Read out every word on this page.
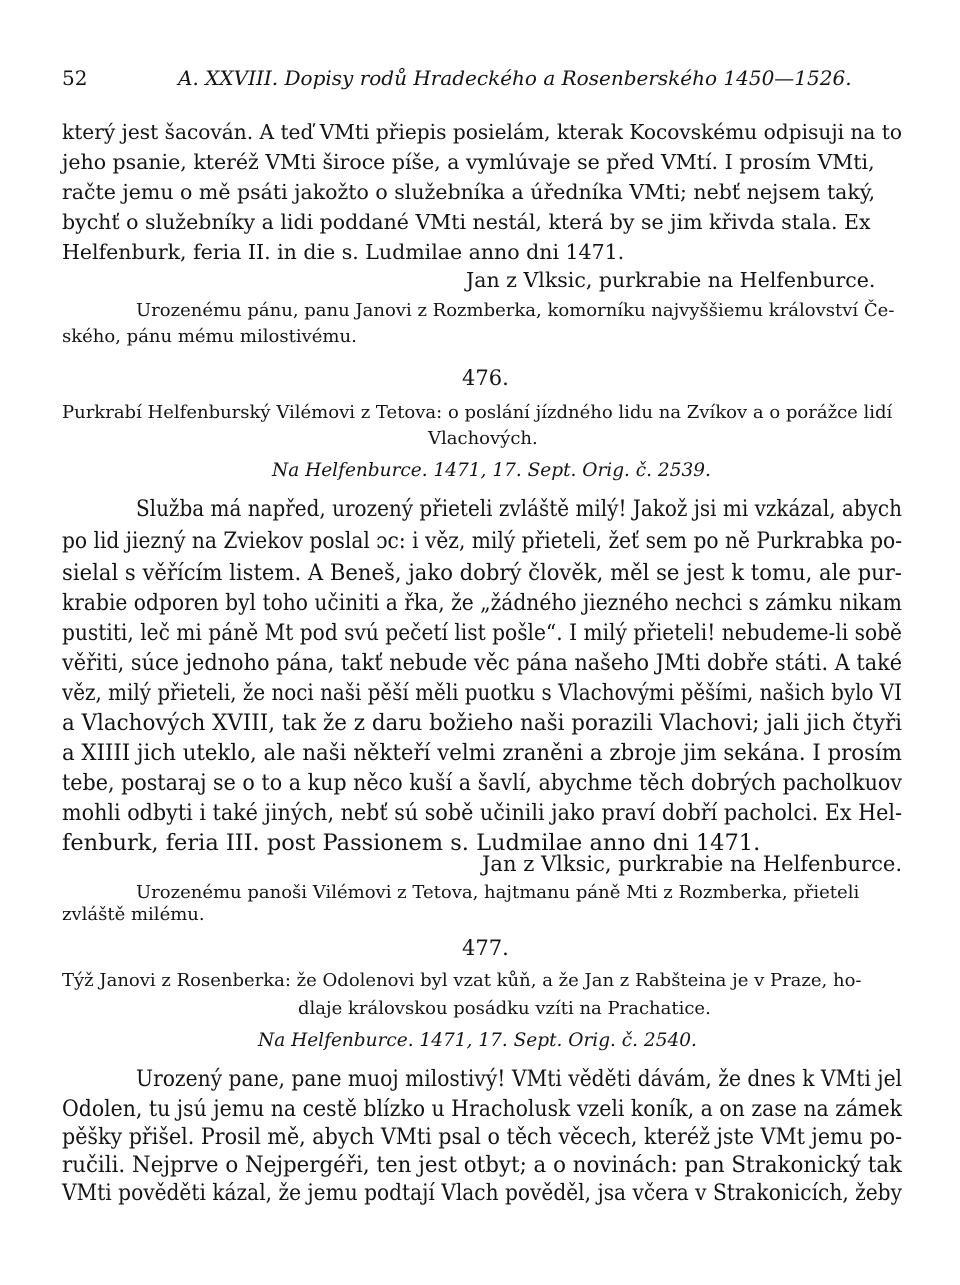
52	A. XXVIII. Dopisy rodů Hradeckého a Rosenberského 1450—1526.
který jest šacován. A teď VMti přiepis posielám, kterak Kocovskému odpisuji na to
jeho psanie, kteréž VMti široce píše, a vymlúvaje se před VMtí. I prosím VMti,
račte jemu o mě psáti jakožto o služebníka a úředníka VMti; nebť nejsem taký,
bychť o služebníky a lidi poddané VMti nestál, která by se jim křivda stala. Ex
Helfenburk, feria II. in die s. Ludmilae anno dni 1471.
Jan z Vlksic, purkrabie na Helfenburce.
Urozenému pánu, panu Janovi z Rozmberka, komorníku najvyššiemu království Če-
ského, pánu mému milostivému.
476.
Purkrabí Helfenburský Vilémovi z Tetova: o poslání jízdného lidu na Zvíkov a o porážce lidí
Vlachových.
Na Helfenburce. 1471, 17. Sept. Orig. č. 2539.
Služba má napřed, urozený přieteli zvláště milý! Jakož jsi mi vzkázal, abych
po lid jiezný na Zviekov poslal ɔc: i věz, milý přieteli, žeť sem po ně Purkrabka po-
sielal s věřícím listem. A Beneš, jako dobrý člověk, měl se jest k tomu, ale pur-
krabie odporen byl toho učiniti a řka, že „žádného jiezného nechci s zámku nikam
pustiti, leč mi páně Mt pod svú pečetí list pošle“. I milý přieteli! nebudeme-li sobě
věřiti, súce jednoho pána, takť nebude věc pána našeho JMti dobře státi. A také
věz, milý přieteli, že noci naši pěší měli puotku s Vlachovými pěšími, našich bylo VI
a Vlachových XVIII, tak že z daru božieho naši porazili Vlachovi; jali jich čtyři
a XIIII jich uteklo, ale naši někteří velmi zraněni a zbroje jim sekána. I prosím
tebe, postaraj se o to a kup něco kuší a šavlí, abychme těch dobrých pacholkuov
mohli odbyti i také jiných, nebť sú sobě učinili jako praví dobří pacholci. Ex Hel-
fenburk, feria III. post Passionem s. Ludmilae anno dni 1471.
Jan z Vlksic, purkrabie na Helfenburce.
Urozenému panoši Vilémovi z Tetova, hajtmanu páně Mti z Rozmberka, přieteli
zvláště milému.
477.
Týž Janovi z Rosenberka: že Odolenovi byl vzat kůň, a že Jan z Rabšteina je v Praze, ho-
dlaje královskou posádku vzíti na Prachatice.
Na Helfenburce. 1471, 17. Sept. Orig. č. 2540.
Urozený pane, pane muoj milostivý! VMti věděti dávám, že dnes k VMti jel
Odolen, tu jsú jemu na cestě blízko u Hracholusk vzeli koník, a on zase na zámek
pěšky přišel. Prosil mě, abych VMti psal o těch věcech, kteréž jste VMt jemu po-
ručili. Nejprve o Nejpergéři, ten jest otbyt; a o novinách: pan Strakonický tak
VMti pověděti kázal, že jemu podtají Vlach pověděl, jsa včera v Strakonicích, žeby
